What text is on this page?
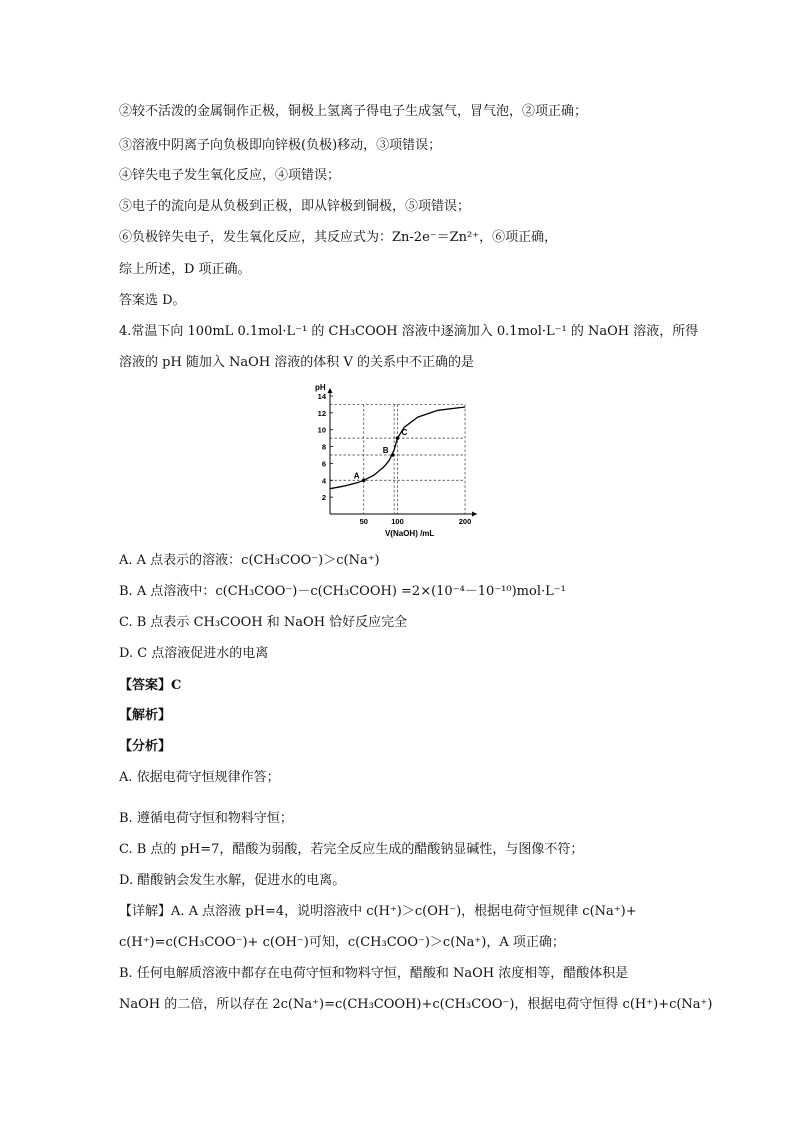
②较不活泼的金属铜作正极，铜极上氢离子得电子生成氢气，冒气泡，②项正确；
③溶液中阴离子向负极即向锌极(负极)移动，③项错误；
④锌失电子发生氧化反应，④项错误；
⑤电子的流向是从负极到正极，即从锌极到铜极，⑤项错误；
⑥负极锌失电子，发生氧化反应，其反应式为：Zn-2e⁻＝Zn²⁺，⑥项正确，
综上所述，D 项正确。
答案选 D。
4.常温下向 100mL 0.1mol·L⁻¹ 的 CH₃COOH 溶液中逐滴加入 0.1mol·L⁻¹ 的 NaOH 溶液，所得
溶液的 pH 随加入 NaOH 溶液的体积 V 的关系中不正确的是
pH
2
4
6
8
10
12
14
50	100	200
V(NaOH) /mL
A
B
C
A. A 点表示的溶液：c(CH₃COO⁻)＞c(Na⁺)
B. A 点溶液中：c(CH₃COO⁻)－c(CH₃COOH) =2×(10⁻⁴－10⁻¹⁰)mol·L⁻¹
C. B 点表示 CH₃COOH 和 NaOH 恰好反应完全
D. C 点溶液促进水的电离
【答案】C
【解析】
【分析】
A. 依据电荷守恒规律作答；
B. 遵循电荷守恒和物料守恒；
C. B 点的 pH=7，醋酸为弱酸，若完全反应生成的醋酸钠显碱性，与图像不符；
D. 醋酸钠会发生水解，促进水的电离。
【详解】A. A 点溶液 pH=4，说明溶液中 c(H⁺)＞c(OH⁻)，根据电荷守恒规律 c(Na⁺)+
c(H⁺)=c(CH₃COO⁻)+ c(OH⁻)可知，c(CH₃COO⁻)＞c(Na⁺)，A 项正确；
B. 任何电解质溶液中都存在电荷守恒和物料守恒，醋酸和 NaOH 浓度相等，醋酸体积是
NaOH 的二倍，所以存在 2c(Na⁺)=c(CH₃COOH)+c(CH₃COO⁻)，根据电荷守恒得 c(H⁺)+c(Na⁺)
